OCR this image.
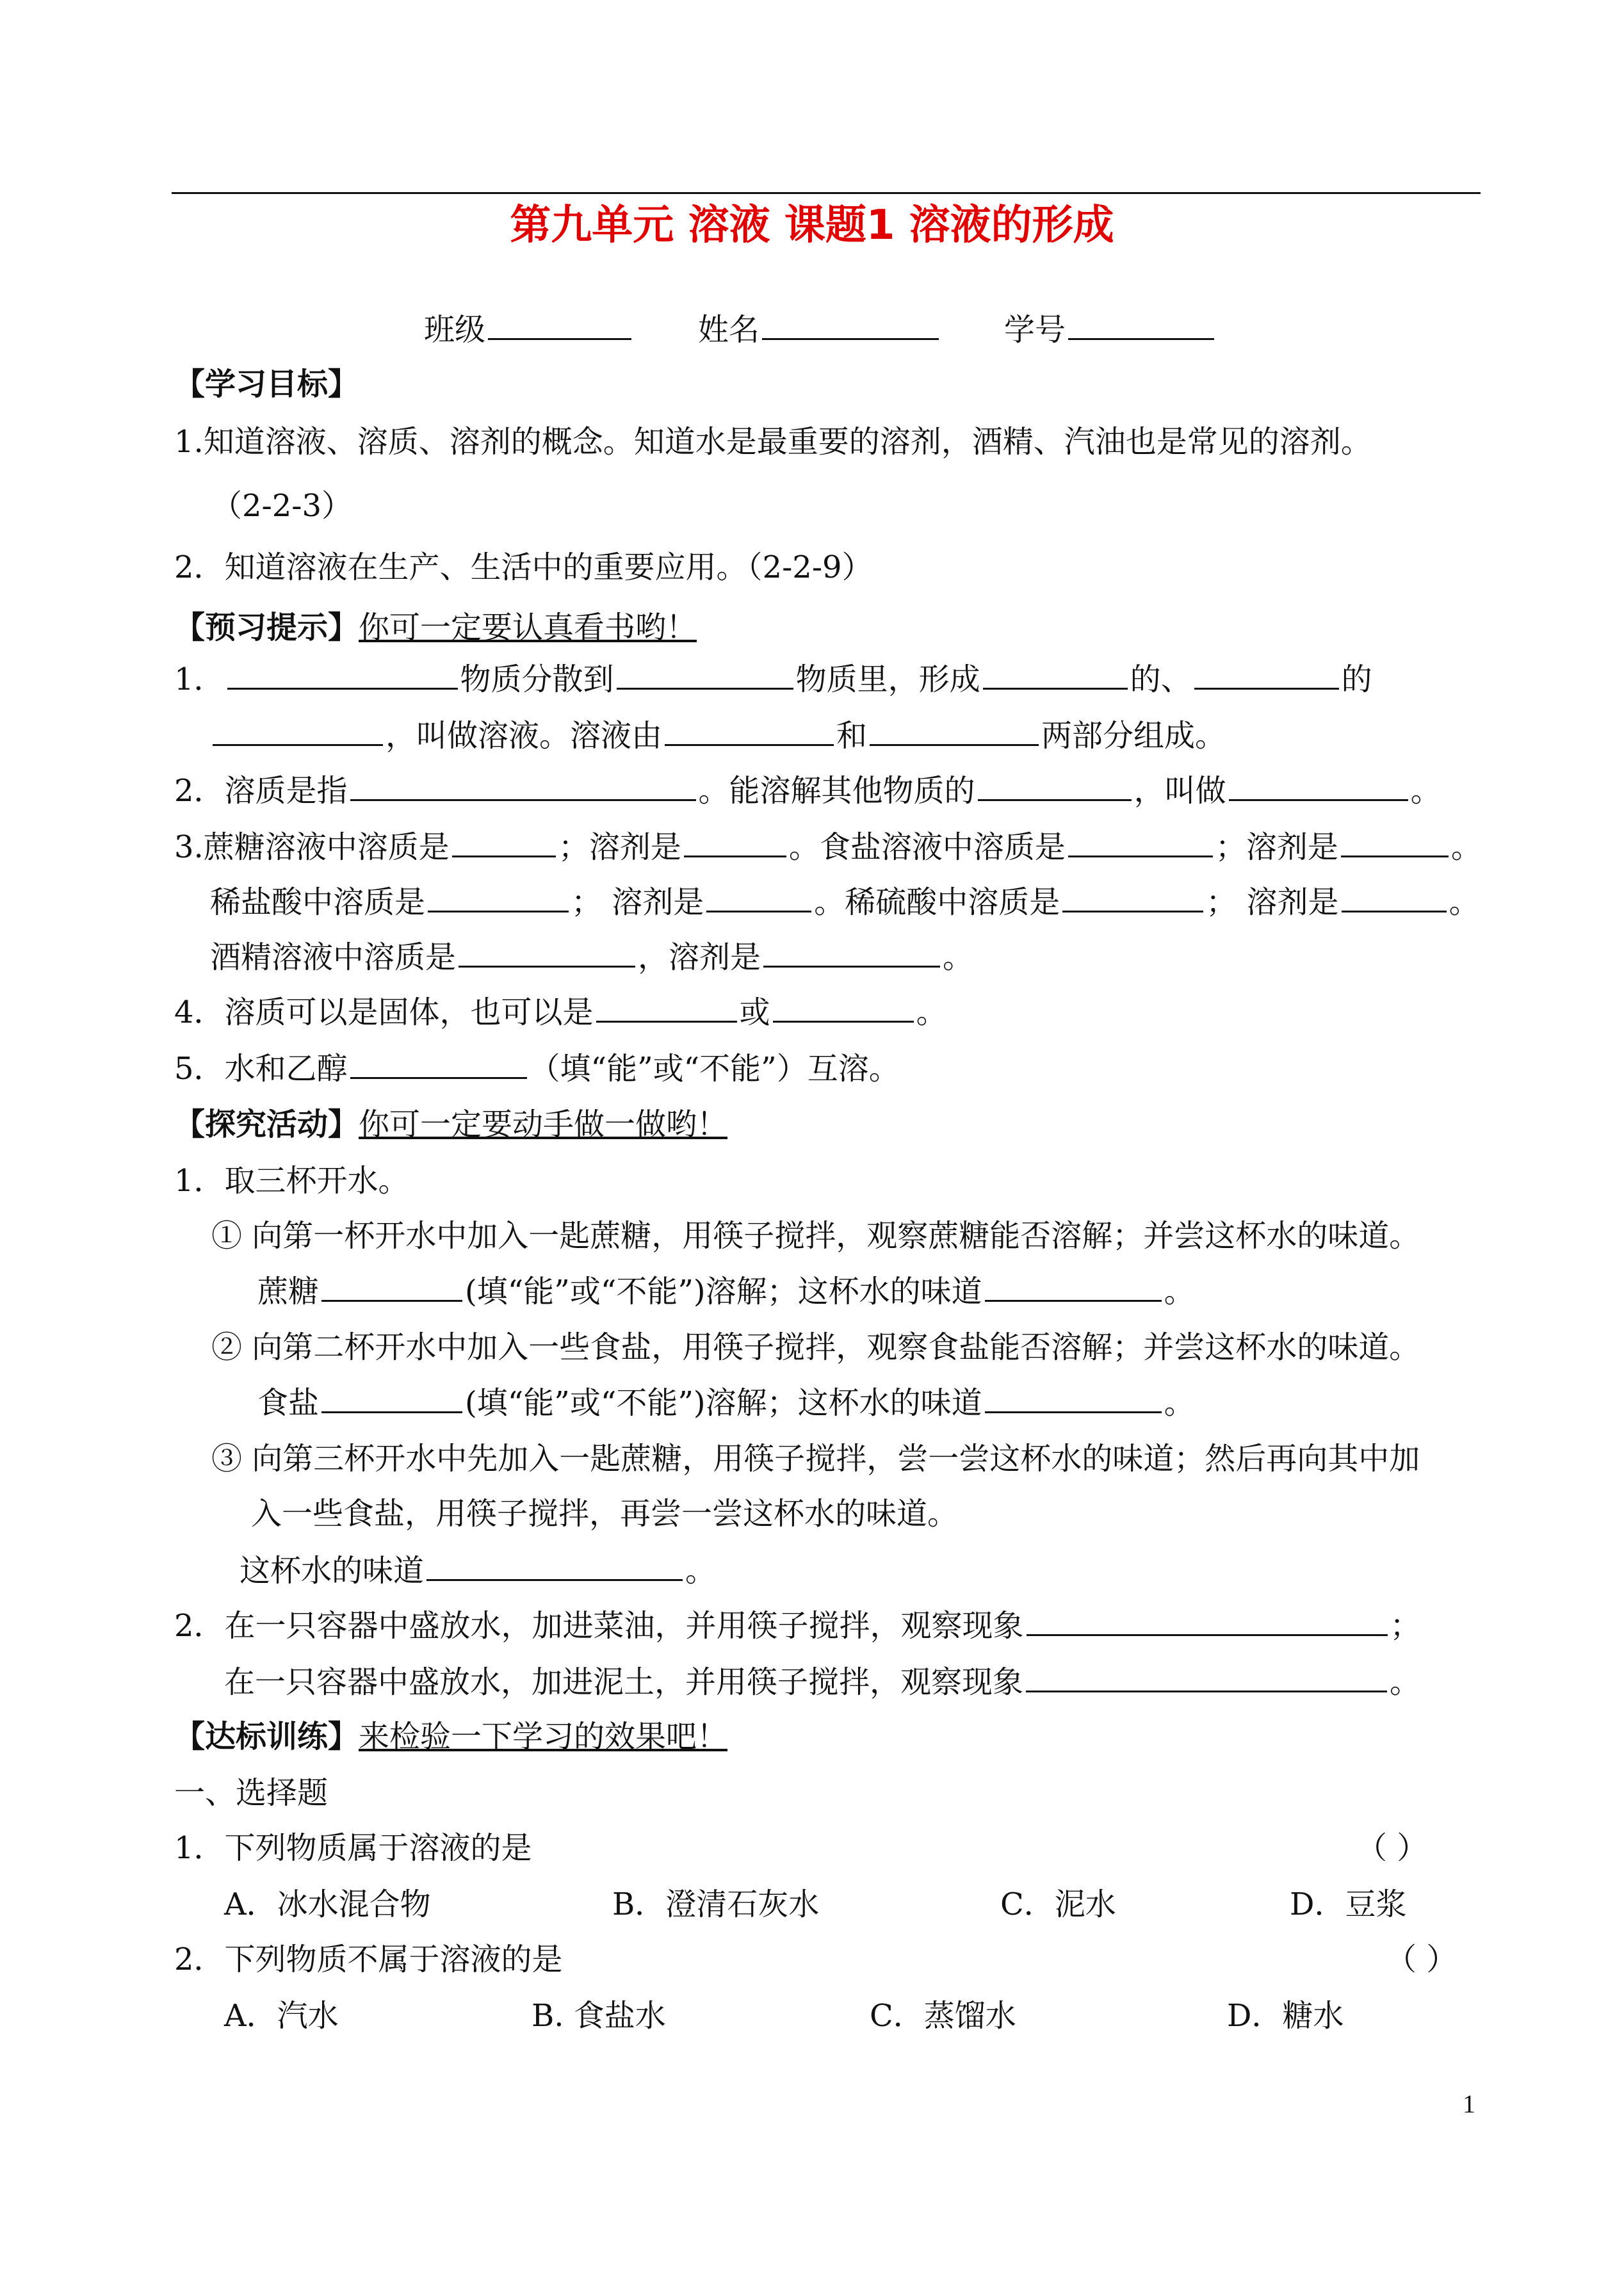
第九单元 溶液 课题1 溶液的形成
班级	姓名	学号
【学习目标】
1.知道溶液、溶质、溶剂的概念。知道水是最重要的溶剂，酒精、汽油也是常见的溶剂。
（2-2-3）
2．知道溶液在生产、生活中的重要应用。（2-2-9）
【预习提示】你可一定要认真看书哟！
1．	物质分散到	物质里，形成	的、	的
，叫做溶液。溶液由	和	两部分组成。
2．溶质是指	。能溶解其他物质的	，叫做	。
3.蔗糖溶液中溶质是	；溶剂是	。食盐溶液中溶质是	；溶剂是	。
稀盐酸中溶质是	； 溶剂是	。稀硫酸中溶质是	； 溶剂是	。
酒精溶液中溶质是	，溶剂是	。
4．溶质可以是固体，也可以是	或	。
5．水和乙醇	（填“能”或“不能”）互溶。
【探究活动】你可一定要动手做一做哟！
1．取三杯开水。
① 向第一杯开水中加入一匙蔗糖，用筷子搅拌，观察蔗糖能否溶解；并尝这杯水的味道。
蔗糖	(填“能”或“不能”)溶解；这杯水的味道	。
② 向第二杯开水中加入一些食盐，用筷子搅拌，观察食盐能否溶解；并尝这杯水的味道。
食盐	(填“能”或“不能”)溶解；这杯水的味道	。
③ 向第三杯开水中先加入一匙蔗糖，用筷子搅拌，尝一尝这杯水的味道；然后再向其中加
入一些食盐，用筷子搅拌，再尝一尝这杯水的味道。
这杯水的味道	。
2．在一只容器中盛放水，加进菜油，并用筷子搅拌，观察现象	；
在一只容器中盛放水，加进泥土，并用筷子搅拌，观察现象	。
【达标训练】来检验一下学习的效果吧！
一、选择题
1．下列物质属于溶液的是	（ ）
A．冰水混合物	B．澄清石灰水	C．泥水	D．豆浆
2．下列物质不属于溶液的是	（ ）
A．汽水	B. 食盐水	C．蒸馏水	D．糖水
1
